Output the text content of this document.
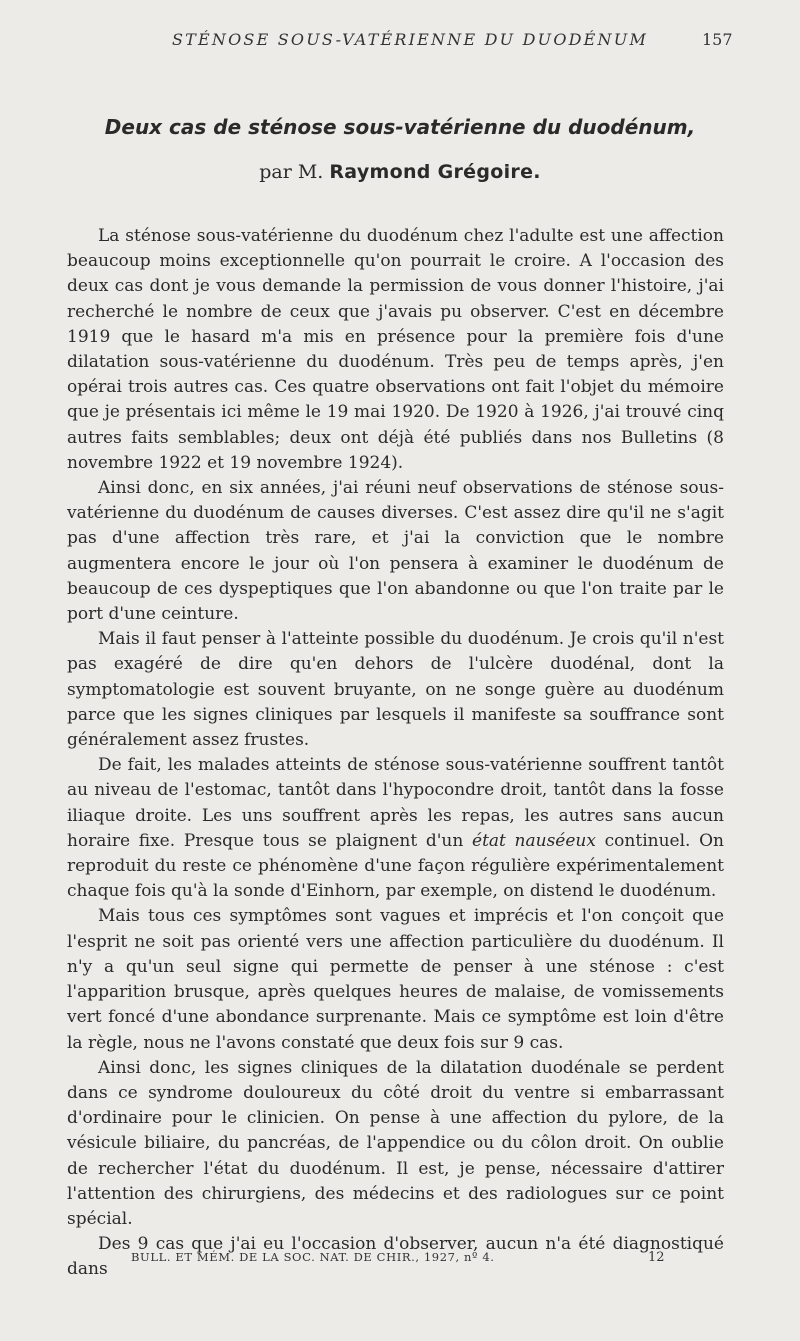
STÉNOSE SOUS-VATÉRIENNE DU DUODÉNUM	157
Deux cas de sténose sous-vatérienne du duodénum,
par M. Raymond Grégoire.

La sténose sous-vatérienne du duodénum chez l'adulte est une affection beaucoup moins exceptionnelle qu'on pourrait le croire. A l'occasion des deux cas dont je vous demande la permission de vous donner l'histoire, j'ai recherché le nombre de ceux que j'avais pu observer. C'est en décembre 1919 que le hasard m'a mis en présence pour la première fois d'une dilatation sous-vatérienne du duodénum. Très peu de temps après, j'en opérai trois autres cas. Ces quatre observations ont fait l'objet du mémoire que je présentais ici même le 19 mai 1920. De 1920 à 1926, j'ai trouvé cinq autres faits semblables; deux ont déjà été publiés dans nos Bulletins (8 novembre 1922 et 19 novembre 1924).

Ainsi donc, en six années, j'ai réuni neuf observations de sténose sous-vatérienne du duodénum de causes diverses. C'est assez dire qu'il ne s'agit pas d'une affection très rare, et j'ai la conviction que le nombre augmentera encore le jour où l'on pensera à examiner le duodénum de beaucoup de ces dyspeptiques que l'on abandonne ou que l'on traite par le port d'une ceinture.

Mais il faut penser à l'atteinte possible du duodénum. Je crois qu'il n'est pas exagéré de dire qu'en dehors de l'ulcère duodénal, dont la symptomatologie est souvent bruyante, on ne songe guère au duodénum parce que les signes cliniques par lesquels il manifeste sa souffrance sont généralement assez frustes.

De fait, les malades atteints de sténose sous-vatérienne souffrent tantôt au niveau de l'estomac, tantôt dans l'hypocondre droit, tantôt dans la fosse iliaque droite. Les uns souffrent après les repas, les autres sans aucun horaire fixe. Presque tous se plaignent d'un état nauséeux continuel. On reproduit du reste ce phénomène d'une façon régulière expérimentalement chaque fois qu'à la sonde d'Einhorn, par exemple, on distend le duodénum.

Mais tous ces symptômes sont vagues et imprécis et l'on conçoit que l'esprit ne soit pas orienté vers une affection particulière du duodénum. Il n'y a qu'un seul signe qui permette de penser à une sténose : c'est l'apparition brusque, après quelques heures de malaise, de vomissements vert foncé d'une abondance surprenante. Mais ce symptôme est loin d'être la règle, nous ne l'avons constaté que deux fois sur 9 cas.

Ainsi donc, les signes cliniques de la dilatation duodénale se perdent dans ce syndrome douloureux du côté droit du ventre si embarrassant d'ordinaire pour le clinicien. On pense à une affection du pylore, de la vésicule biliaire, du pancréas, de l'appendice ou du côlon droit. On oublie de rechercher l'état du duodénum. Il est, je pense, nécessaire d'attirer l'attention des chirurgiens, des médecins et des radiologues sur ce point spécial.

Des 9 cas que j'ai eu l'occasion d'observer, aucun n'a été diagnostiqué dans

BULL. ET MÉM. DE LA SOC. NAT. DE CHIR., 1927, nº 4.	12
